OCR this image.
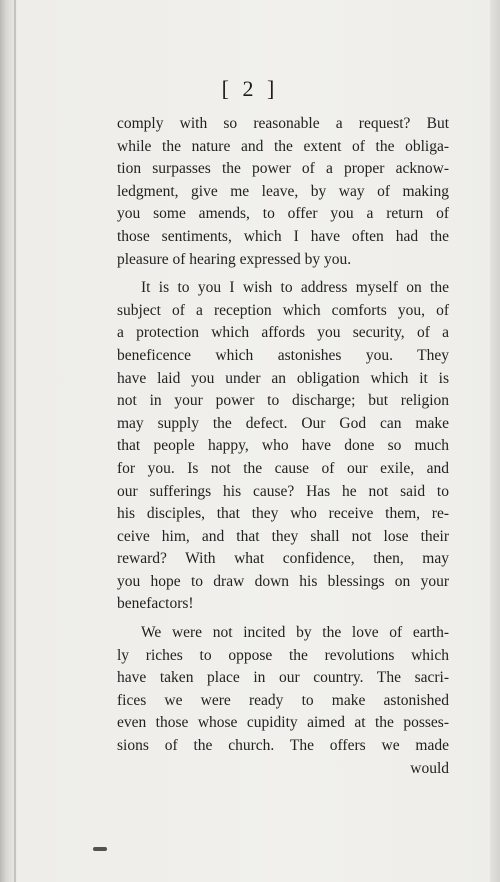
[ 2 ]
comply with so reasonable a request? But
while the nature and the extent of the obliga-
tion surpasses the power of a proper acknow-
ledgment, give me leave, by way of making
you some amends, to offer you a return of
those sentiments, which I have often had the
pleasure of hearing expressed by you.
It is to you I wish to address myself on the
subject of a reception which comforts you, of
a protection which affords you security, of a
beneficence which astonishes you. They
have laid you under an obligation which it is
not in your power to discharge; but religion
may supply the defect. Our God can make
that people happy, who have done so much
for you. Is not the cause of our exile, and
our sufferings his cause? Has he not said to
his disciples, that they who receive them, re-
ceive him, and that they shall not lose their
reward? With what confidence, then, may
you hope to draw down his blessings on your
benefactors!
We were not incited by the love of earth-
ly riches to oppose the revolutions which
have taken place in our country. The sacri-
fices we were ready to make astonished
even those whose cupidity aimed at the posses-
sions of the church. The offers we made
would
